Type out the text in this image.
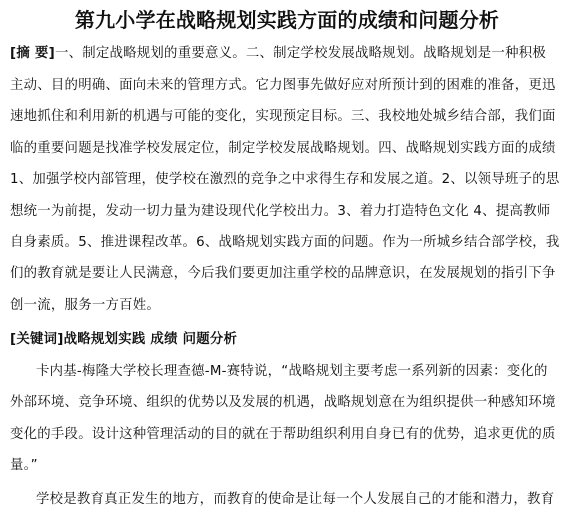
第九小学在战略规划实践方面的成绩和问题分析
[摘 要]一、制定战略规划的重要意义。二、制定学校发展战略规划。战略规划是一种积极
主动、目的明确、面向未来的管理方式。它力图事先做好应对所预计到的困难的准备，更迅
速地抓住和利用新的机遇与可能的变化，实现预定目标。三、我校地处城乡结合部，我们面
临的重要问题是找准学校发展定位，制定学校发展战略规划。四、战略规划实践方面的成绩
1、加强学校内部管理，使学校在激烈的竞争之中求得生存和发展之道。2、以领导班子的思
想统一为前提，发动一切力量为建设现代化学校出力。3、着力打造特色文化 4、提高教师
自身素质。5、推进课程改革。6、战略规划实践方面的问题。作为一所城乡结合部学校，我
们的教育就是要让人民满意，今后我们要更加注重学校的品牌意识，在发展规划的指引下争
创一流，服务一方百姓。
[关键词]战略规划实践 成绩 问题分析
卡内基-梅隆大学校长理查德-M-赛特说，“战略规划主要考虑一系列新的因素：变化的
外部环境、竞争环境、组织的优势以及发展的机遇，战略规划意在为组织提供一种感知环境
变化的手段。设计这种管理活动的目的就在于帮助组织利用自身已有的优势，追求更优的质
量。”
学校是教育真正发生的地方，而教育的使命是让每一个人发展自己的才能和潜力，教育
